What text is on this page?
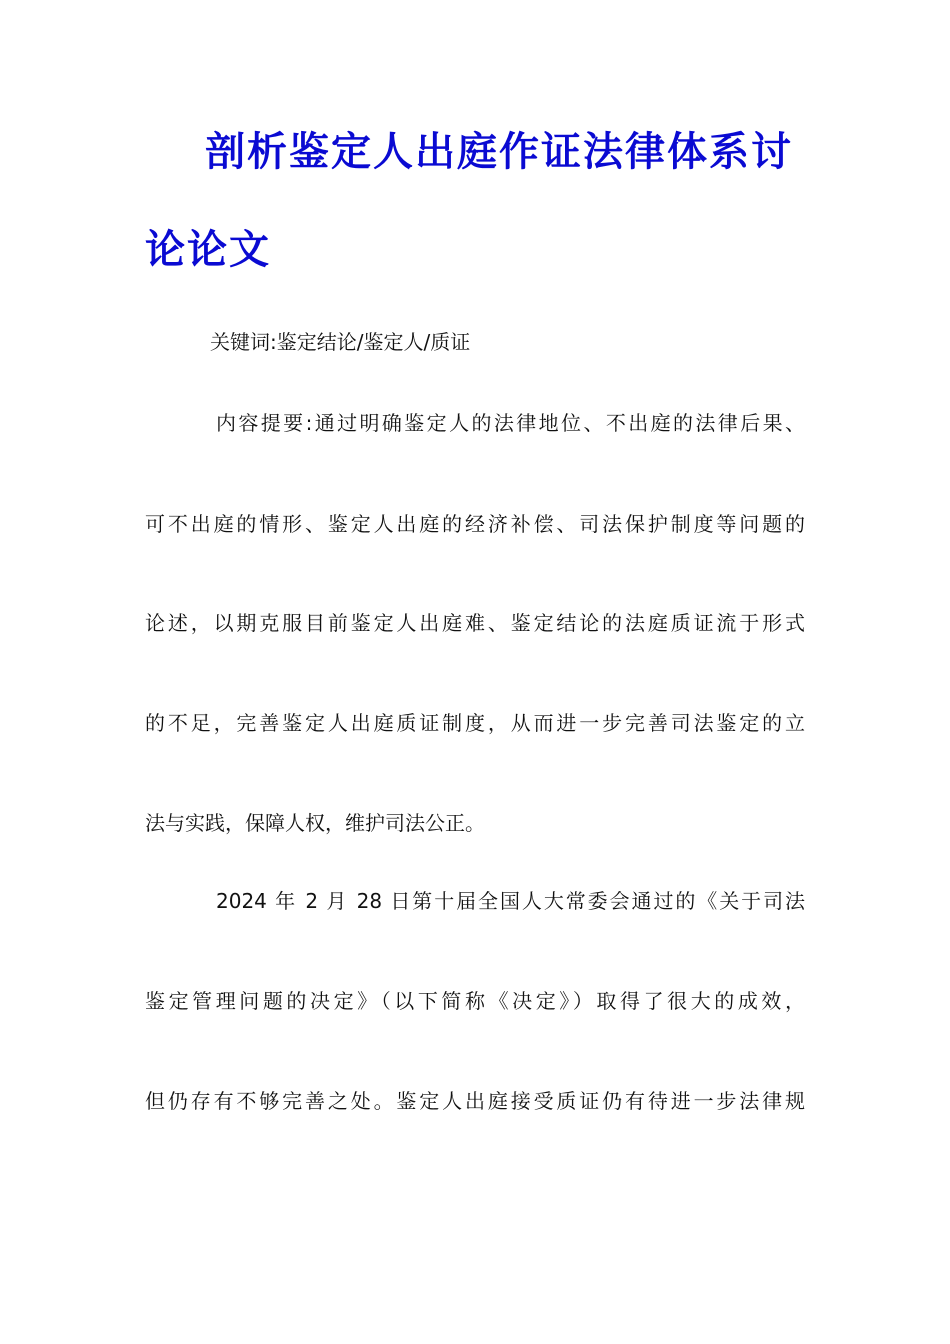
剖析鉴定人出庭作证法律体系讨
论论文
关键词:鉴定结论/鉴定人/质证
内容提要:通过明确鉴定人的法律地位、不出庭的法律后果、
可不出庭的情形、鉴定人出庭的经济补偿、司法保护制度等问题的
论述，以期克服目前鉴定人出庭难、鉴定结论的法庭质证流于形式
的不足，完善鉴定人出庭质证制度，从而进一步完善司法鉴定的立
法与实践，保障人权，维护司法公正。
2024 年 2 月 28 日第十届全国人大常委会通过的《关于司法
鉴定管理问题的决定》（以下简称《决定》）取得了很大的成效，
但仍存有不够完善之处。鉴定人出庭接受质证仍有待进一步法律规
